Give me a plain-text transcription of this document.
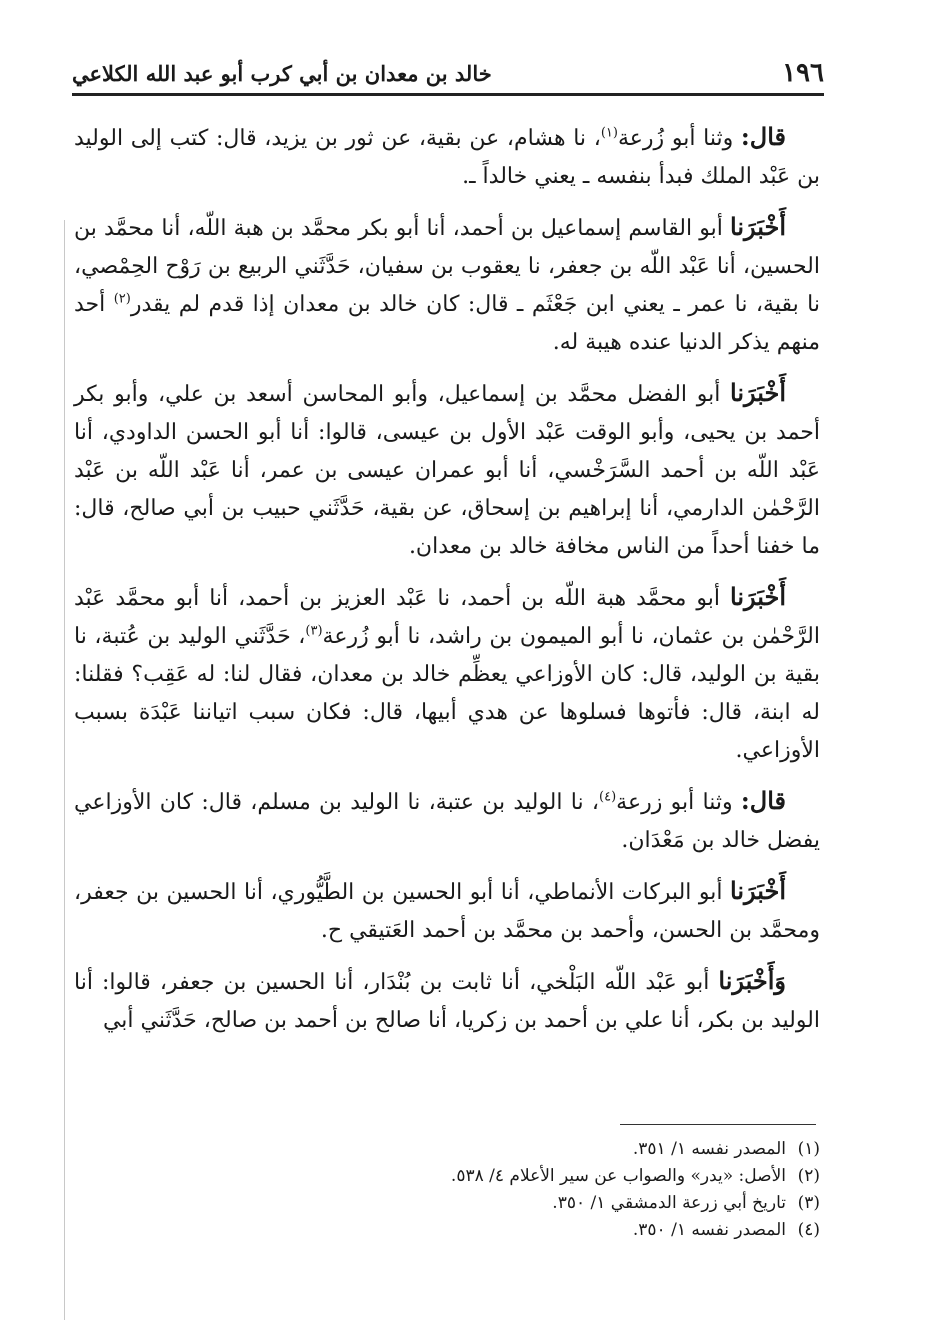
١٩٦
خالد بن معدان بن أبي كرب أبو عبد الله الكلاعي

قال: وثنا أبو زُرعة$^{(١)}$، نا هشام، عن بقية، عن ثور بن يزيد، قال: كتب إلى الوليد بن عَبْد الملك فبدأ بنفسه ـ يعني خالداً ـ.

أَخْبَرَنا أبو القاسم إسماعيل بن أحمد، أنا أبو بكر محمَّد بن هبة اللّه، أنا محمَّد بن الحسين، أنا عَبْد اللّه بن جعفر، نا يعقوب بن سفيان، حَدَّثَني الربيع بن رَوْح الحِمْصي، نا بقية، نا عمر ـ يعني ابن جَعْثَم ـ قال: كان خالد بن معدان إذا قدم لم يقدر$^{(٢)}$ أحد منهم يذكر الدنيا عنده هيبة له.

أَخْبَرَنا أبو الفضل محمَّد بن إسماعيل، وأبو المحاسن أسعد بن علي، وأبو بكر أحمد بن يحيى، وأبو الوقت عَبْد الأول بن عيسى، قالوا: أنا أبو الحسن الداودي، أنا عَبْد اللّه بن أحمد السَّرَخْسي، أنا أبو عمران عيسى بن عمر، أنا عَبْد اللّه بن عَبْد الرَّحْمٰن الدارمي، أنا إبراهيم بن إسحاق، عن بقية، حَدَّثَني حبيب بن أبي صالح، قال: ما خفنا أحداً من الناس مخافة خالد بن معدان.

أَخْبَرَنا أبو محمَّد هبة اللّه بن أحمد، نا عَبْد العزيز بن أحمد، أنا أبو محمَّد عَبْد الرَّحْمٰن بن عثمان، نا أبو الميمون بن راشد، نا أبو زُرعة$^{(٣)}$، حَدَّثَني الوليد بن عُتبة، نا بقية بن الوليد، قال: كان الأوزاعي يعظِّم خالد بن معدان، فقال لنا: له عَقِب؟ فقلنا: له ابنة، قال: فأتوها فسلوها عن هدي أبيها، قال: فكان سبب اتياننا عَبْدَة بسبب الأوزاعي.

قال: وثنا أبو زرعة$^{(٤)}$، نا الوليد بن عتبة، نا الوليد بن مسلم، قال: كان الأوزاعي يفضل خالد بن مَعْدَان.

أَخْبَرَنا أبو البركات الأنماطي، أنا أبو الحسين بن الطَّيُّوري، أنا الحسين بن جعفر، ومحمَّد بن الحسن، وأحمد بن محمَّد بن أحمد العَتيقي ح.

وَأَخْبَرَنا أبو عَبْد اللّه البَلْخي، أنا ثابت بن بُنْدَار، أنا الحسين بن جعفر، قالوا: أنا الوليد بن بكر، أنا علي بن أحمد بن زكريا، أنا صالح بن أحمد بن صالح، حَدَّثَني أبي

(١)
المصدر نفسه ١/ ٣٥١.
(٢)
الأصل: «يدر» والصواب عن سير الأعلام ٤/ ٥٣٨.
(٣)
تاريخ أبي زرعة الدمشقي ١/ ٣٥٠.
(٤)
المصدر نفسه ١/ ٣٥٠.
